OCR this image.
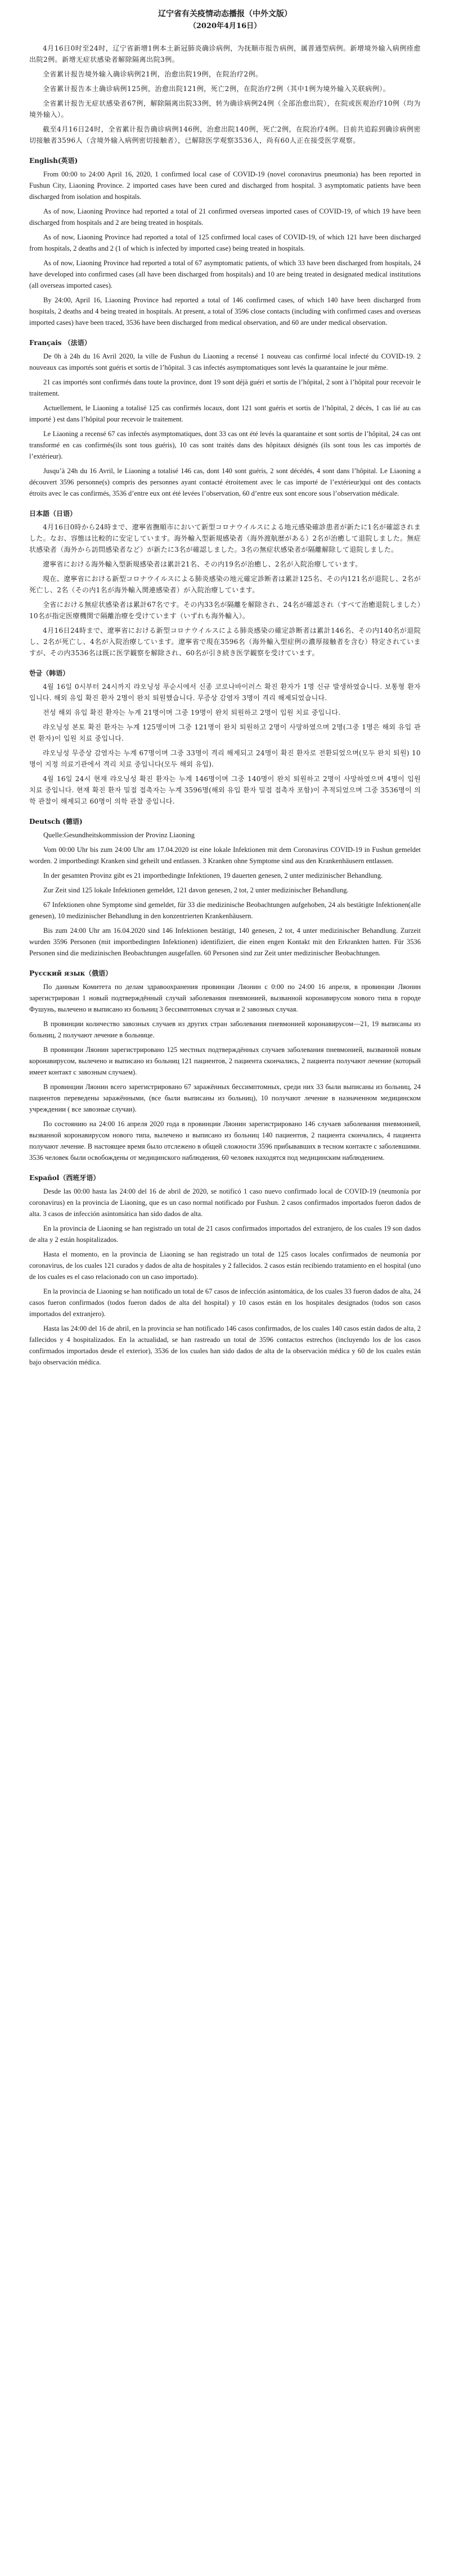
辽宁省有关疫情动态播报（中外文版）

（2020年4月16日）

4月16日0时至24时，辽宁省新增1例本土新冠肺炎确诊病例，为抚顺市报告病例，属普通型病例。新增境外输入病例痊愈出院2例。新增无症状感染者解除隔离出院3例。

全省累计报告境外输入确诊病例21例，治愈出院19例，在院治疗2例。

全省累计报告本土确诊病例125例，治愈出院121例，死亡2例，在院治疗2例（其中1例为境外输入关联病例）。

全省累计报告无症状感染者67例，解除隔离出院33例，转为确诊病例24例（全部治愈出院），在院或医观治疗10例（均为境外输入）。

截至4月16日24时，全省累计报告确诊病例146例，治愈出院140例，死亡2例，在院治疗4例。目前共追踪到确诊病例密切接触者3596人（含境外输入病例密切接触者），已解除医学观察3536人，尚有60人正在接受医学观察。

English(英语)

From 00:00 to 24:00 April 16, 2020, 1 confirmed local case of COVID-19 (novel coronavirus pneumonia) has been reported in Fushun City, Liaoning Province. 2 imported cases have been cured and discharged from hospital. 3 asymptomatic patients have been discharged from isolation and hospitals.

As of now, Liaoning Province had reported a total of 21 confirmed overseas imported cases of COVID-19, of which 19 have been discharged from hospitals and 2 are being treated in hospitals.

As of now, Liaoning Province had reported a total of 125 confirmed local cases of COVID-19, of which 121 have been discharged from hospitals, 2 deaths and 2 (1 of which is infected by imported case) being treated in hospitals.

As of now, Liaoning Province had reported a total of 67 asymptomatic patients, of which 33 have been discharged from hospitals, 24 have developed into confirmed cases (all have been discharged from hospitals) and 10 are being treated in designated medical institutions (all overseas imported cases).

By 24:00, April 16, Liaoning Province had reported a total of 146 confirmed cases, of which 140 have been discharged from hospitals, 2 deaths and 4 being treated in hospitals. At present, a total of 3596 close contacts (including with confirmed cases and overseas imported cases) have been traced, 3536 have been discharged from medical observation, and 60 are under medical observation.

Français （法语）

De 0h à 24h du 16 Avril 2020, la ville de Fushun du Liaoning a recensé 1 nouveau cas confirmé local infecté du COVID-19. 2 nouveaux cas importés sont guéris et sortis de l’hôpital. 3 cas infectés asymptomatiques sont levés la quarantaine le jour même.

21 cas importés sont confirmés dans toute la province, dont 19 sont déjà guéri et sortis de l’hôpital, 2 sont à l’hôpital pour recevoir le traitement.

Actuellement, le Liaoning a totalisé 125 cas confirmés locaux, dont 121 sont guéris et sortis de l’hôpital, 2 décès, 1 cas lié au cas importé ) est dans l’hôpital pour recevoir le traitement.

Le Liaoning a recensé 67 cas infectés asymptomatiques, dont 33 cas ont été levés la quarantaine et sont sortis de l’hôpital, 24 cas ont transformé en cas confirmés(ils sont tous guéris), 10 cas sont traités dans des hôpitaux désignés (ils sont tous les cas importés de l’extérieur).

Jusqu’à 24h du 16 Avril, le Liaoning a totalisé 146 cas, dont 140 sont guéris, 2 sont décédés, 4 sont dans l’hôpital. Le Liaoning a découvert 3596 personne(s) compris des personnes ayant contacté étroitement avec le cas importé de l’extérieur)qui ont des contacts étroits avec le cas confirmés, 3536 d’entre eux ont été levées l’observation, 60 d’entre eux sont encore sous l’observation médicale.

日本語（日语）

4月16日0時から24時まで、遼寧省撫順市において新型コロナウイルスによる地元感染確診患者が新たに1名が確認されました。なお、容態は比較的に安定しています。海外輸入型新規感染者（海外渡航歴がある）2名が治癒して退院しました。無症状感染者（海外から訪問感染者など）が新たに3名が確認しました。3名の無症状感染者が隔離解除して退院しました。

遼寧省における海外輸入型新規感染者は累計21名、その内19名が治癒し、2名が入院治療しています。

現在、遼寧省における新型コロナウイルスによる肺炎感染の地元確定診断者は累計125名、その内121名が退院し、2名が死亡し、2名（その内1名が海外輸入関連感染者）が入院治療しています。

全省における無症状感染者は累計67名です。その内33名が隔離を解除され、24名が確認され（すべて治癒退院しました）10名が指定医療機関で隔離治療を受けています（いずれも海外輸入）。

4月16日24時まで、遼寧省における新型コロナウイルスによる肺炎感染の確定診断者は累計146名、その内140名が退院し、2名が死亡し、4名が入院治療しています。遼寧省で現在3596名（海外輸入型症例の濃厚接触者を含む）特定されていますが、その内3536名は既に医学観察を解除され、60名が引き続き医学観察を受けています。

한글（韩语）

4월 16일 0시부터 24시까지 랴오닝성 푸순시에서 신종 코로나바이러스 확진 환자가 1명 신규 발생하였습니다. 보통형 환자입니다. 해외 유입 확진 환자 2명이 완치 퇴원했습니다. 무증상 감염자 3명이 격리 해제되었습니다.

전성 해외 유입 확진 환자는 누계 21명이며 그중 19명이 완치 퇴원하고 2명이 입원 치료 중입니다.

랴오닝성 본토 확진 환자는 누계 125명이며 그중 121명이 완치 퇴원하고 2명이 사망하였으며 2명(그중 1명은 해외 유입 관련 환자)이 입원 치료 중입니다.

랴오닝성 무증상 감염자는 누계 67명이며 그중 33명이 격리 해제되고 24명이 확진 환자로 전환되었으며(모두 완치 퇴원) 10명이 지정 의료기관에서 격리 치료 중입니다(모두 해외 유입).

4월 16일 24시 현재 랴오닝성 확진 환자는 누계 146명이며 그중 140명이 완치 퇴원하고 2명이 사망하였으며 4명이 입원 치료 중입니다. 현재 확진 환자 밀접 접촉자는 누계 3596명(해외 유입 환자 밀접 접촉자 포함)이 추적되었으며 그중 3536명이 의학 관찰이 해제되고 60명이 의학 관찰 중입니다.

Deutsch (德语)

Quelle:Gesundheitskommission der Provinz Liaoning

Vom 00:00 Uhr bis zum 24:00 Uhr am 17.04.2020 ist eine lokale Infektionen mit dem Coronavirus COVID-19 in Fushun gemeldet worden. 2 importbedingt Kranken sind geheilt und entlassen. 3 Kranken ohne Symptome sind aus den Krankenhäusern entlassen.

In der gesamten Provinz gibt es 21 importbedingte Infektionen, 19 dauerten genesen, 2 unter medizinischer Behandlung.

Zur Zeit sind 125 lokale Infektionen gemeldet, 121 davon genesen, 2 tot, 2 unter medizinischer Behandlung.

67 Infektionen ohne Symptome sind gemeldet, für 33 die medizinische Beobachtungen aufgehoben, 24 als bestätigte Infektionen(alle genesen), 10 medizinischer Behandlung in den konzentrierten Krankenhäusern.

Bis zum 24:00 Uhr am 16.04.2020 sind 146 Infektionen bestätigt, 140 genesen, 2 tot, 4 unter medizinischer Behandlung. Zurzeit wurden 3596 Personen (mit importbedingten Infektionen) identifiziert, die einen engen Kontakt mit den Erkrankten hatten. Für 3536 Personen sind die medizinischen Beobachtungen ausgefallen. 60 Personen sind zur Zeit unter medizinischer Beobachtungen.

Русский язык（俄语）

По данным Комитета по делам здравоохранения провинции Ляонин с 0:00 по 24:00 16 апреля, в провинции Ляонин зарегистрирован 1 новый подтверждённый случай заболевания пневмонией, вызванной коронавирусом нового типа в городе Фушунь, вылечено и выписано из больниц 3 бессимптомных случая и 2 завозных случая.

В провинции количество завозных случаев из других стран заболевания пневмонией коронавирусом—21, 19 выписаны из больниц, 2 получают лечение в больнице.

В провинции Ляонин зарегистрировано 125 местных подтверждённых случаев заболевания пневмонией, вызванной новым коронавирусом, вылечено и выписано из больниц 121 пациентов, 2 пациента скончались, 2 пациента получают лечение (который имеет контакт с завозным случаем).

В провинции Ляонин всего зарегистрировано 67 заражённых бессимптомных, среди них 33 были выписаны из больниц, 24 пациентов переведены заражёнными, (все были выписаны из больниц), 10 получают лечение в назначенном медицинском учреждении ( все завозные случаи).

По состоянию на 24:00 16 апреля 2020 года в провинции Ляонин зарегистрировано 146 случаев заболевания пневмонией, вызванной коронавирусом нового типа, вылечено и выписано из больниц 140 пациентов, 2 пациента скончались, 4 пациента получают лечение. В настоящее время было отслежено в общей сложности 3596 прибывавших в тесном контакте с заболевшими. 3536 человек были освобождены от медицинского наблюдения, 60 человек находятся под медицинским наблюдением.

Español（西班牙语）

Desde las 00:00 hasta las 24:00 del 16 de abril de 2020, se notificó 1 caso nuevo confirmado local de COVID-19 (neumonía por coronavirus) en la provincia de Liaoning, que es un caso normal notificado por Fushun. 2 casos confirmados importados fueron dados de alta. 3 casos de infección asintomática han sido dados de alta.

En la provincia de Liaoning se han registrado un total de 21 casos confirmados importados del extranjero, de los cuales 19 son dados de alta y 2 están hospitalizados.

Hasta el momento, en la provincia de Liaoning se han registrado un total de 125 casos locales confirmados de neumonía por coronavirus, de los cuales 121 curados y dados de alta de hospitales y 2 fallecidos. 2 casos están recibiendo tratamiento en el hospital (uno de los cuales es el caso relacionado con un caso importado).

En la provincia de Liaoning se han notificado un total de 67 casos de infección asintomática, de los cuales 33 fueron dados de alta, 24 casos fueron confirmados (todos fueron dados de alta del hospital) y 10 casos están en los hospitales designados (todos son casos importados del extranjero).

Hasta las 24:00 del 16 de abril, en la provincia se han notificado 146 casos confirmados, de los cuales 140 casos están dados de alta, 2 fallecidos y 4 hospitalizados. En la actualidad, se han rastreado un total de 3596 contactos estrechos (incluyendo los de los casos confirmados importados desde el exterior), 3536 de los cuales han sido dados de alta de la observación médica y 60 de los cuales están bajo observación médica.
